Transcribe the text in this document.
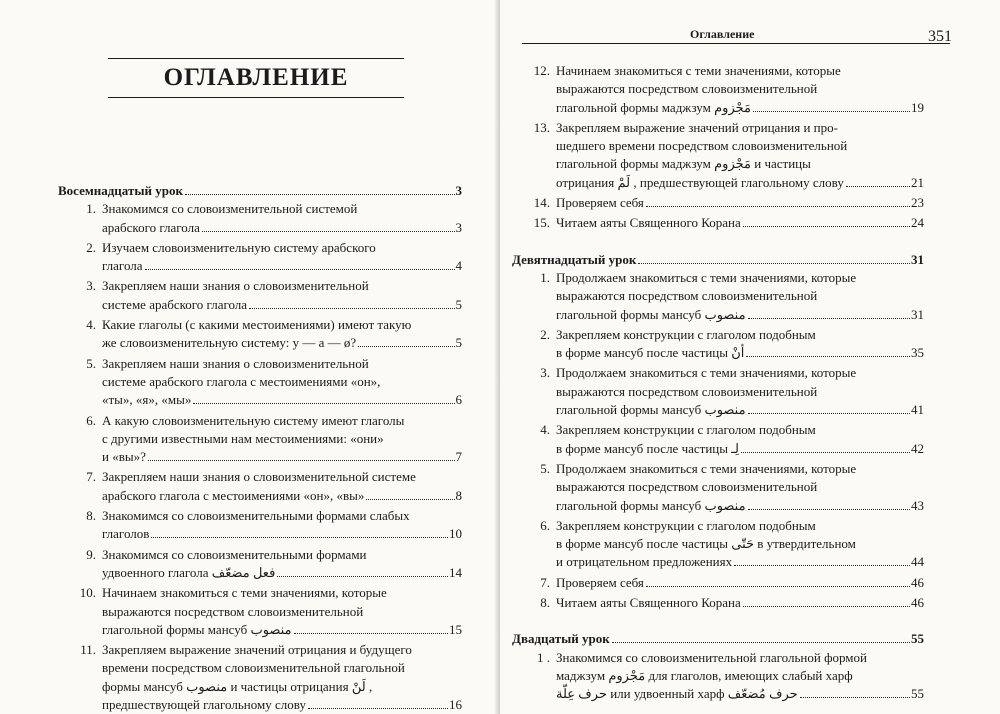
ОГЛАВЛЕНИЕ
Восемнадцатый урок	3
1. Знакомимся со словоизменительной системой
арабского глагола	3
2. Изучаем словоизменительную систему арабского
глагола	4
3. Закрепляем наши знания о словоизменительной
системе арабского глагола	5
4. Какие глаголы (с какими местоимениями) имеют такую
же словоизменительную систему: у — а — ø?	5
5. Закрепляем наши знания о словоизменительной
системе арабского глагола с местоимениями «он»,
«ты», «я», «мы»	6
6. А какую словоизменительную систему имеют глаголы
с другими известными нам местоимениями: «они»
и «вы»?	7
7. Закрепляем наши знания о словоизменительной системе
арабского глагола с местоимениями «он», «вы»	8
8. Знакомимся со словоизменительными формами слабых
глаголов	10
9. Знакомимся со словоизменительными формами
удвоенного глагола فعل مضعّف	14
10. Начинаем знакомиться с теми значениями, которые
выражаются посредством словоизменительной
глагольной формы мансуб منصوب	15
11. Закрепляем выражение значений отрицания и будущего
времени посредством словоизменительной глагольной
формы мансуб منصوب и частицы отрицания لَنْ ,
предшествующей глагольному слову	16
Оглавление	351
12. Начинаем знакомиться с теми значениями, которые
выражаются посредством словоизменительной
глагольной формы маджзум مَجْزوم	19
13. Закрепляем выражение значений отрицания и про-
шедшего времени посредством словоизменительной
глагольной формы маджзум مَجْزوم и частицы
отрицания لَمْ , предшествующей глагольному слову	21
14. Проверяем себя	23
15. Читаем аяты Священного Корана	24
Девятнадцатый урок	31
1. Продолжаем знакомиться с теми значениями, которые
выражаются посредством словоизменительной
глагольной формы мансуб منصوب	31
2. Закрепляем конструкции с глаголом подобным
в форме мансуб после частицы أنْ	35
3. Продолжаем знакомиться с теми значениями, которые
выражаются посредством словоизменительной
глагольной формы мансуб منصوب	41
4. Закрепляем конструкции с глаголом подобным
в форме мансуб после частицы لِـ	42
5. Продолжаем знакомиться с теми значениями, которые
выражаются посредством словоизменительной
глагольной формы мансуб منصوب	43
6. Закрепляем конструкции с глаголом подобным
в форме мансуб после частицы حَتّى в утвердительном
и отрицательном предложениях	44
7. Проверяем себя	46
8. Читаем аяты Священного Корана	46
Двадцатый урок	55
1 . Знакомимся со словоизменительной глагольной формой
маджзум مَجْزوم для глаголов, имеющих слабый харф
حرف عِلّة или удвоенный харф حرف مُضعّف	55
